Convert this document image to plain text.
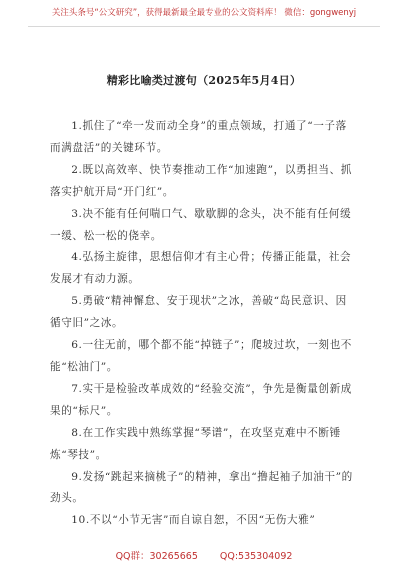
关注头条号“公文研究”，获得最新最全最专业的公文资料库！ 微信：gongwenyj
精彩比喻类过渡句（2025年5月4日）

1.抓住了“牵一发而动全身”的重点领域，打通了“一子落而满盘活”的关键环节。

2.既以高效率、快节奏推动工作“加速跑”，以勇担当、抓落实护航开局“开门红”。

3.决不能有任何喘口气、歇歇脚的念头，决不能有任何缓一缓、松一松的侥幸。

4.弘扬主旋律，思想信仰才有主心骨；传播正能量，社会发展才有动力源。

5.勇破“精神懈怠、安于现状”之冰，善破“岛民意识、因循守旧”之冰。

6.一往无前，哪个都不能“掉链子”；爬坡过坎，一刻也不能“松油门”。

7.实干是检验改革成效的“经验交流”，争先是衡量创新成果的“标尺”。

8.在工作实践中熟练掌握“琴谱”，在攻坚克难中不断锤炼“琴技”。

9.发扬“跳起来摘桃子”的精神，拿出“撸起袖子加油干”的劲头。

10.不以“小节无害”而自谅自恕，不因“无伤大雅”

QQ群：30265665 QQ:535304092
